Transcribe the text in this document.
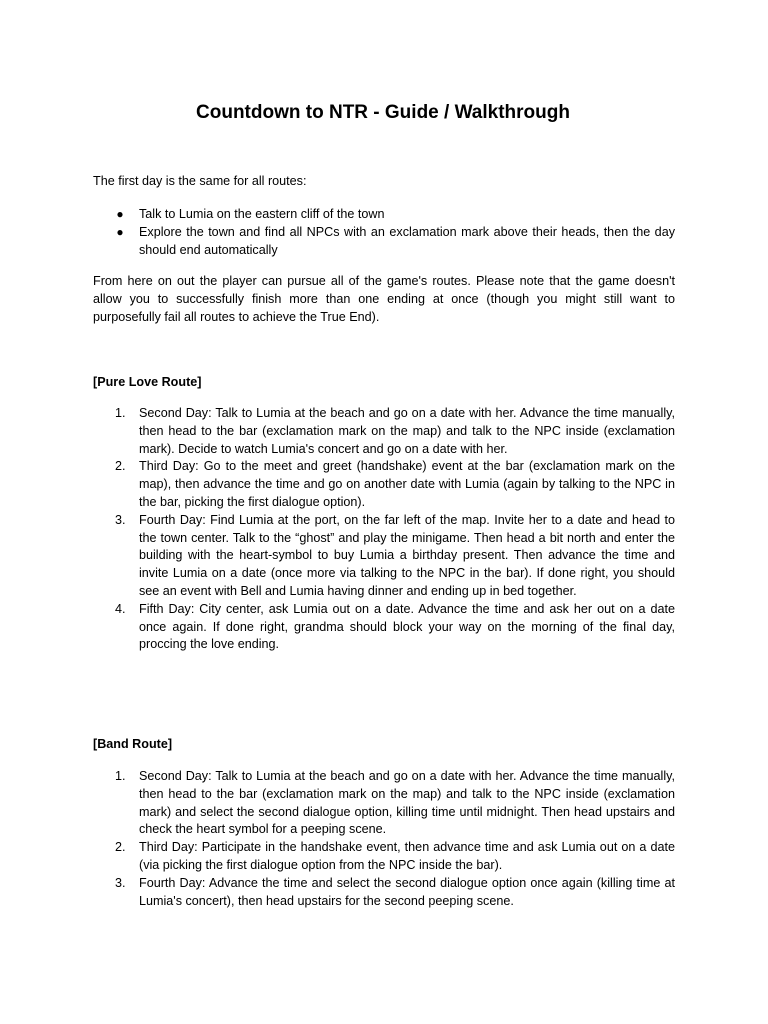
Countdown to NTR - Guide / Walkthrough

The first day is the same for all routes:

● Talk to Lumia on the eastern cliff of the town
● Explore the town and find all NPCs with an exclamation mark above their heads, then the day should end automatically

From here on out the player can pursue all of the game's routes. Please note that the game doesn't allow you to successfully finish more than one ending at once (though you might still want to purposefully fail all routes to achieve the True End).

[Pure Love Route]
1.	Second Day: Talk to Lumia at the beach and go on a date with her. Advance the time manually, then head to the bar (exclamation mark on the map) and talk to the NPC inside (exclamation mark). Decide to watch Lumia's concert and go on a date with her.
2.	Third Day: Go to the meet and greet (handshake) event at the bar (exclamation mark on the map), then advance the time and go on another date with Lumia (again by talking to the NPC in the bar, picking the first dialogue option).
3.	Fourth Day: Find Lumia at the port, on the far left of the map. Invite her to a date and head to the town center. Talk to the “ghost” and play the minigame. Then head a bit north and enter the building with the heart-symbol to buy Lumia a birthday present. Then advance the time and invite Lumia on a date (once more via talking to the NPC in the bar). If done right, you should see an event with Bell and Lumia having dinner and ending up in bed together.
4.	Fifth Day: City center, ask Lumia out on a date. Advance the time and ask her out on a date once again. If done right, grandma should block your way on the morning of the final day, proccing the love ending.
[Band Route]
1.	Second Day: Talk to Lumia at the beach and go on a date with her. Advance the time manually, then head to the bar (exclamation mark on the map) and talk to the NPC inside (exclamation mark) and select the second dialogue option, killing time until midnight. Then head upstairs and check the heart symbol for a peeping scene.
2.	Third Day: Participate in the handshake event, then advance time and ask Lumia out on a date (via picking the first dialogue option from the NPC inside the bar).
3.	Fourth Day: Advance the time and select the second dialogue option once again (killing time at Lumia's concert), then head upstairs for the second peeping scene.
